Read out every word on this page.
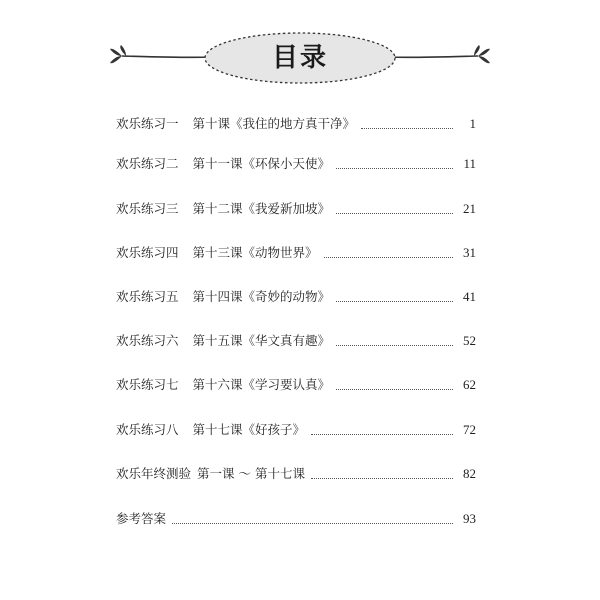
目录
欢乐练习一 第十课《我住的地方真干净》	1
欢乐练习二 第十一课《环保小天使》	11
欢乐练习三 第十二课《我爱新加坡》	21
欢乐练习四 第十三课《动物世界》	31
欢乐练习五 第十四课《奇妙的动物》	41
欢乐练习六 第十五课《华文真有趣》	52
欢乐练习七 第十六课《学习要认真》	62
欢乐练习八 第十七课《好孩子》	72
欢乐年终测验 第一课 ～ 第十七课	82
参考答案	93
